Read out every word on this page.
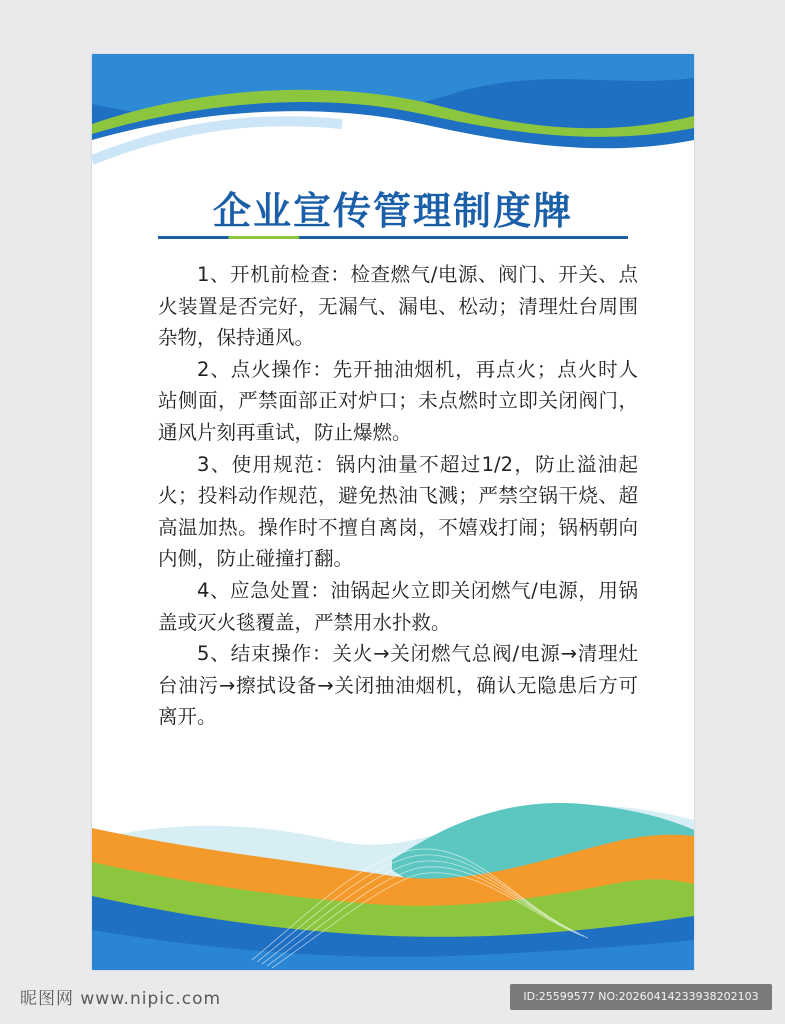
企业宣传管理制度牌

1、开机前检查：检查燃气/电源、阀门、开关、点火装置是否完好，无漏气、漏电、松动；清理灶台周围杂物，保持通风。

2、点火操作：先开抽油烟机，再点火；点火时人站侧面，严禁面部正对炉口；未点燃时立即关闭阀门，通风片刻再重试，防止爆燃。

3、使用规范：锅内油量不超过1/2，防止溢油起火；投料动作规范，避免热油飞溅；严禁空锅干烧、超高温加热。操作时不擅自离岗，不嬉戏打闹；锅柄朝向内侧，防止碰撞打翻。

4、应急处置：油锅起火立即关闭燃气/电源，用锅盖或灭火毯覆盖，严禁用水扑救。

5、结束操作：关火→关闭燃气总阀/电源→清理灶台油污→擦拭设备→关闭抽油烟机，确认无隐患后方可离开。

昵图网 www.nipic.com	ID:25599577 NO:20260414233938202103
